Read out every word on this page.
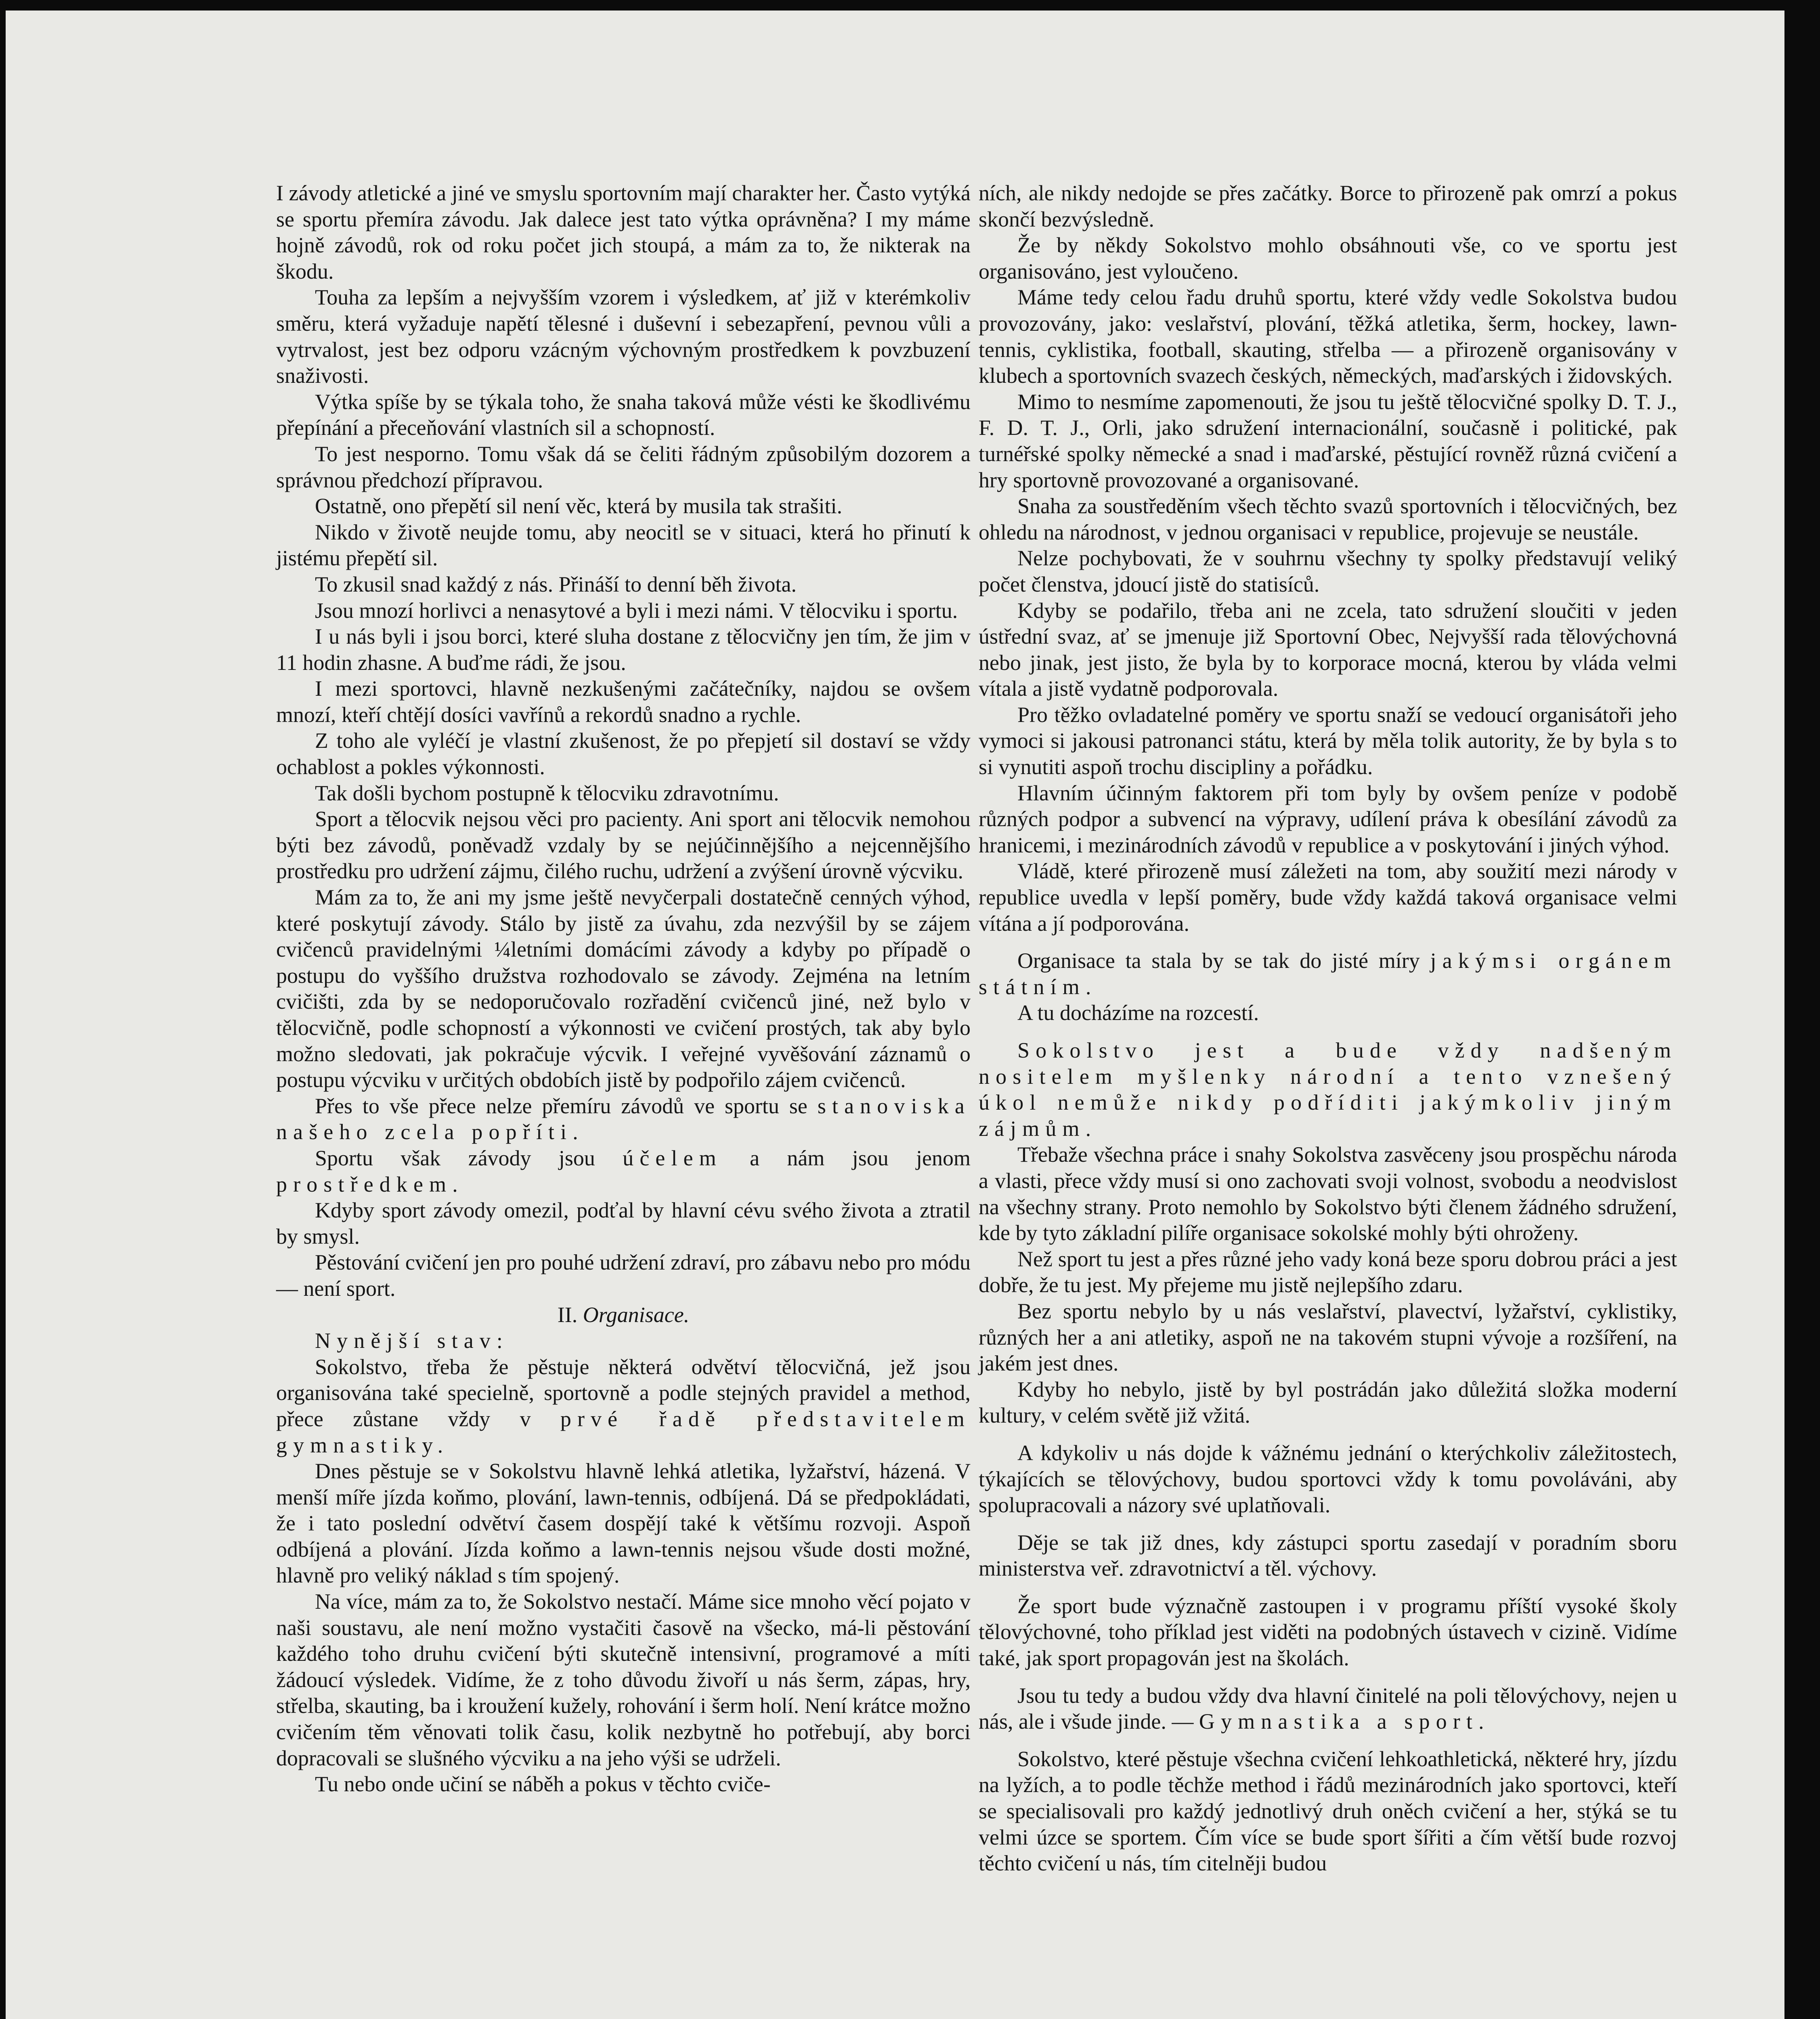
I závody atletické a jiné ve smyslu sportovním mají charakter her. Často vytýká se sportu přemíra závodu. Jak dalece jest tato výtka oprávněna? I my máme hojně závodů, rok od roku počet jich stoupá, a mám za to, že nikterak na škodu.

Touha za lepším a nejvyšším vzorem i výsledkem, ať již v kterémkoliv směru, která vyžaduje napětí tělesné i duševní i sebezapření, pevnou vůli a vytrvalost, jest bez odporu vzácným výchovným prostředkem k povzbuzení snaživosti.

Výtka spíše by se týkala toho, že snaha taková může vésti ke škodlivému přepínání a přeceňování vlastních sil a schopností.

To jest nesporno. Tomu však dá se čeliti řádným způsobilým dozorem a správnou předchozí přípravou.

Ostatně, ono přepětí sil není věc, která by musila tak strašiti.

Nikdo v životě neujde tomu, aby neocitl se v situaci, která ho přinutí k jistému přepětí sil.

To zkusil snad každý z nás. Přináší to denní běh života.

Jsou mnozí horlivci a nenasytové a byli i mezi námi. V tělocviku i sportu.

I u nás byli i jsou borci, které sluha dostane z tělocvičny jen tím, že jim v 11 hodin zhasne. A buďme rádi, že jsou.

I mezi sportovci, hlavně nezkušenými začátečníky, najdou se ovšem mnozí, kteří chtějí dosíci vavřínů a rekordů snadno a rychle.

Z toho ale vyléčí je vlastní zkušenost, že po přepjetí sil dostaví se vždy ochablost a pokles výkonnosti.

Tak došli bychom postupně k tělocviku zdravotnímu.

Sport a tělocvik nejsou věci pro pacienty. Ani sport ani tělocvik nemohou býti bez závodů, poněvadž vzdaly by se nejúčinnějšího a nejcennějšího prostředku pro udržení zájmu, čilého ruchu, udržení a zvýšení úrovně výcviku.

Mám za to, že ani my jsme ještě nevyčerpali dostatečně cenných výhod, které poskytují závody. Stálo by jistě za úvahu, zda nezvýšil by se zájem cvičenců pravidelnými ¼letními domácími závody a kdyby po případě o postupu do vyššího družstva rozhodovalo se závody. Zejména na letním cvičišti, zda by se nedoporučovalo rozřadění cvičenců jiné, než bylo v tělocvičně, podle schopností a výkonnosti ve cvičení prostých, tak aby bylo možno sledovati, jak pokračuje výcvik. I veřejné vyvěšování záznamů o postupu výcviku v určitých obdobích jistě by podpořilo zájem cvičenců.

Přes to vše přece nelze přemíru závodů ve sportu se stanoviska našeho zcela popříti.

Sportu však závody jsou účelem a nám jsou jenom prostředkem.

Kdyby sport závody omezil, podťal by hlavní cévu svého života a ztratil by smysl.

Pěstování cvičení jen pro pouhé udržení zdraví, pro zábavu nebo pro módu — není sport.

II. Organisace.

Nynější stav:

Sokolstvo, třeba že pěstuje některá odvětví tělocvičná, jež jsou organisována také specielně, sportovně a podle stejných pravidel a method, přece zůstane vždy v prvé řadě představitelem gymnastiky.

Dnes pěstuje se v Sokolstvu hlavně lehká atletika, lyžařství, házená. V menší míře jízda koňmo, plování, lawn-tennis, odbíjená. Dá se předpokládati, že i tato poslední odvětví časem dospějí také k většímu rozvoji. Aspoň odbíjená a plování. Jízda koňmo a lawn-tennis nejsou všude dosti možné, hlavně pro veliký náklad s tím spojený.

Na více, mám za to, že Sokolstvo nestačí. Máme sice mnoho věcí pojato v naši soustavu, ale není možno vystačiti časově na všecko, má-li pěstování každého toho druhu cvičení býti skutečně intensivní, programové a míti žádoucí výsledek. Vidíme, že z toho důvodu živoří u nás šerm, zápas, hry, střelba, skauting, ba i kroužení kužely, rohování i šerm holí. Není krátce možno cvičením těm věnovati tolik času, kolik nezbytně ho potřebují, aby borci dopracovali se slušného výcviku a na jeho výši se udrželi.

Tu nebo onde učiní se náběh a pokus v těchto cviče-

ních, ale nikdy nedojde se přes začátky. Borce to přirozeně pak omrzí a pokus skončí bezvýsledně.

Že by někdy Sokolstvo mohlo obsáhnouti vše, co ve sportu jest organisováno, jest vyloučeno.

Máme tedy celou řadu druhů sportu, které vždy vedle Sokolstva budou provozovány, jako: veslařství, plování, těžká atletika, šerm, hockey, lawn-tennis, cyklistika, football, skauting, střelba — a přirozeně organisovány v klubech a sportovních svazech českých, německých, maďarských i židovských.

Mimo to nesmíme zapomenouti, že jsou tu ještě tělocvičné spolky D. T. J., F. D. T. J., Orli, jako sdružení internacionální, současně i politické, pak turnéřské spolky německé a snad i maďarské, pěstující rovněž různá cvičení a hry sportovně provozované a organisované.

Snaha za soustředěním všech těchto svazů sportovních i tělocvičných, bez ohledu na národnost, v jednou organisaci v republice, projevuje se neustále.

Nelze pochybovati, že v souhrnu všechny ty spolky představují veliký počet členstva, jdoucí jistě do statisíců.

Kdyby se podařilo, třeba ani ne zcela, tato sdružení sloučiti v jeden ústřední svaz, ať se jmenuje již Sportovní Obec, Nejvyšší rada tělovýchovná nebo jinak, jest jisto, že byla by to korporace mocná, kterou by vláda velmi vítala a jistě vydatně podporovala.

Pro těžko ovladatelné poměry ve sportu snaží se vedoucí organisátoři jeho vymoci si jakousi patronanci státu, která by měla tolik autority, že by byla s to si vynutiti aspoň trochu discipliny a pořádku.

Hlavním účinným faktorem při tom byly by ovšem peníze v podobě různých podpor a subvencí na výpravy, udílení práva k obesílání závodů za hranicemi, i mezinárodních závodů v republice a v poskytování i jiných výhod.

Vládě, které přirozeně musí záležeti na tom, aby soužití mezi národy v republice uvedla v lepší poměry, bude vždy každá taková organisace velmi vítána a jí podporována.

Organisace ta stala by se tak do jisté míry jakýmsi orgánem státním.

A tu docházíme na rozcestí.

Sokolstvo jest a bude vždy nadšeným nositelem myšlenky národní a tento vznešený úkol nemůže nikdy podříditi jakýmkoliv jiným zájmům.

Třebaže všechna práce i snahy Sokolstva zasvěceny jsou prospěchu národa a vlasti, přece vždy musí si ono zachovati svoji volnost, svobodu a neodvislost na všechny strany. Proto nemohlo by Sokolstvo býti členem žádného sdružení, kde by tyto základní pilíře organisace sokolské mohly býti ohroženy.

Než sport tu jest a přes různé jeho vady koná beze sporu dobrou práci a jest dobře, že tu jest. My přejeme mu jistě nejlepšího zdaru.

Bez sportu nebylo by u nás veslařství, plavectví, lyžařství, cyklistiky, různých her a ani atletiky, aspoň ne na takovém stupni vývoje a rozšíření, na jakém jest dnes.

Kdyby ho nebylo, jistě by byl postrádán jako důležitá složka moderní kultury, v celém světě již vžitá.

A kdykoliv u nás dojde k vážnému jednání o kterýchkoliv záležitostech, týkajících se tělovýchovy, budou sportovci vždy k tomu povoláváni, aby spolupracovali a názory své uplatňovali.

Děje se tak již dnes, kdy zástupci sportu zasedají v poradním sboru ministerstva veř. zdravotnictví a těl. výchovy.

Že sport bude význačně zastoupen i v programu příští vysoké školy tělovýchovné, toho příklad jest viděti na podobných ústavech v cizině. Vidíme také, jak sport propagován jest na školách.

Jsou tu tedy a budou vždy dva hlavní činitelé na poli tělovýchovy, nejen u nás, ale i všude jinde. — Gymnastika a sport.

Sokolstvo, které pěstuje všechna cvičení lehkoathletická, některé hry, jízdu na lyžích, a to podle těchže method i řádů mezinárodních jako sportovci, kteří se specialisovali pro každý jednotlivý druh oněch cvičení a her, stýká se tu velmi úzce se sportem. Čím více se bude sport šířiti a čím větší bude rozvoj těchto cvičení u nás, tím citelněji budou
